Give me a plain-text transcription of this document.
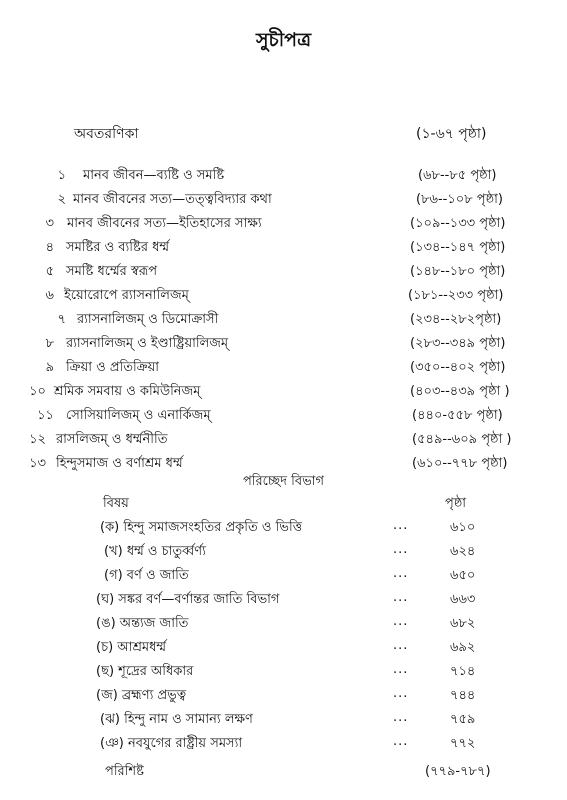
সুচীপত্র
অবতরণিকা	(১-৬৭ পৃষ্ঠা)
১ মানব জীবন—ব্যষ্টি ও সমষ্টি	(৬৮--৮৫ পৃষ্ঠা)
২ মানব জীবনের সত্য—তত্ত্ববিদ্যার কথা	(৮৬--১০৮ পৃষ্ঠা)
৩ মানব জীবনের সত্য—ইতিহাসের সাক্ষ্য	(১০৯--১৩৩ পৃষ্ঠা)
৪ সমষ্টির ও ব্যষ্টির ধর্ম্ম	(১৩৪--১৪৭ পৃষ্ঠা)
৫ সমষ্টি ধর্ম্মের স্বরূপ	(১৪৮--১৮০ পৃষ্ঠা)
৬ ইয়োরোপে র‍্যাসনালিজম্‌	(১৮১--২৩৩ পৃষ্ঠা)
৭ র‍্যাসনালিজম্‌ ও ডিমোক্রাসী	(২৩৪--২৮২পৃষ্ঠা)
৮ র‍্যাসনালিজম্‌ ও ইণ্ডাষ্ট্রিয়ালিজম্‌	(২৮৩--৩৪৯ পৃষ্ঠা)
৯ ক্রিয়া ও প্রতিক্রিয়া	(৩৫০--৪০২ পৃষ্ঠা)
১০ শ্রমিক সমবায় ও কমিউনিজম্‌	(৪০৩--৪৩৯ পৃষ্ঠা )
১১ সোসিয়ালিজম্‌ ও এনার্কিজম্‌	(৪৪০-৫৫৮ পৃষ্ঠা)
১২ রাসলিজম্‌ ও ধর্ম্মনীতি	(৫৪৯--৬০৯ পৃষ্ঠা )
১৩ হিন্দুসমাজ ও বর্ণাশ্রম ধর্ম্ম	(৬১০--৭৭৮ পৃষ্ঠা)
পরিচ্ছেদ বিভাগ
বিষয়	পৃষ্ঠা
(ক) হিন্দু সমাজসংহতির প্রকৃতি ও ভিত্তি	...	৬১০
(খ) ধর্ম্ম ও চাতুর্ব্বর্ণ্য	...	৬২৪
(গ) বর্ণ ও জাতি	...	৬৫০
(ঘ) সঙ্কর বর্ণ—বর্ণান্তর জাতি বিভাগ	...	৬৬৩
(ঙ) অন্ত্যজ জাতি	...	৬৮২
(চ) আশ্রমধর্ম্ম	...	৬৯২
(ছ) শূদ্রের অধিকার	...	৭১৪
(জ) ব্রহ্মণ্য প্রভুত্ব	...	৭৪৪
(ঝ) হিন্দু নাম ও সামান্য লক্ষণ	...	৭৫৯
(ঞ) নবযুগের রাষ্ট্রীয় সমস্যা	...	৭৭২
পরিশিষ্ট	(৭৭৯-৭৮৭)
